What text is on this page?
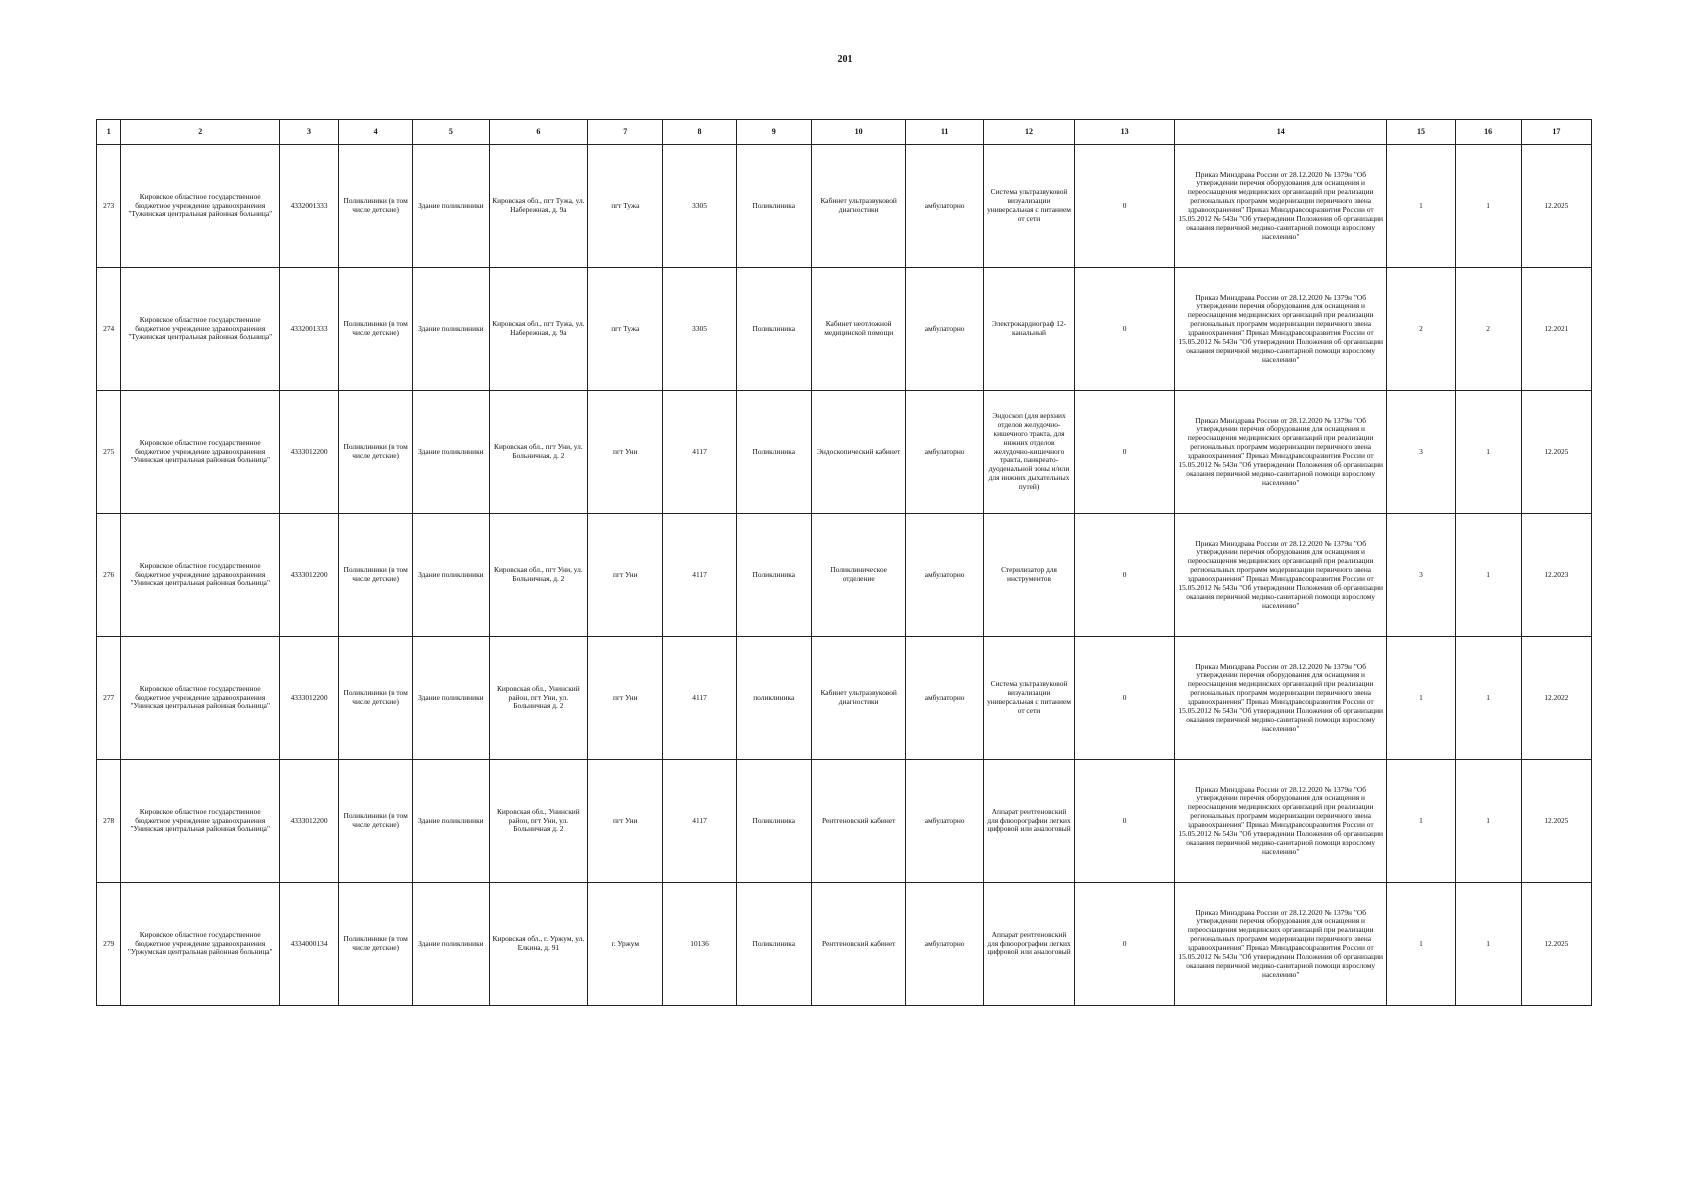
201
1	2	3	4	5	6	7	8	9	10	11	12	13	14	15	16	17
273	Кировское областное государственное бюджетное учреждение здравоохранения "Тужинская центральная районная больница"	4332001333	Поликлиники (в том числе детские)	Здание поликлиники	Кировская обл., пгт Тужа, ул. Набережная, д. 9а	пгт Тужа	3305	Поликлиника	Кабинет ультразвуковой диагностики	амбулаторно	Система ультразвуковой визуализации универсальная с питанием от сети	0	Приказ Минздрава России от 28.12.2020 № 1379н "Об утверждении перечня оборудования для оснащения и переоснащения медицинских организаций при реализации региональных программ модернизации первичного звена здравоохранения" Приказ Минздравсоцразвития России от 15.05.2012 № 543н "Об утверждении Положения об организации оказания первичной медико-санитарной помощи взрослому населению"	1	1	12.2025
274	Кировское областное государственное бюджетное учреждение здравоохранения "Тужинская центральная районная больница"	4332001333	Поликлиники (в том числе детские)	Здание поликлиники	Кировская обл., пгт Тужа, ул. Набережная, д. 9а	пгт Тужа	3305	Поликлиника	Кабинет неотложной медицинской помощи	амбулаторно	Электрокардиограф 12-канальный	0	Приказ Минздрава России от 28.12.2020 № 1379н "Об утверждении перечня оборудования для оснащения и переоснащения медицинских организаций при реализации региональных программ модернизации первичного звена здравоохранения" Приказ Минздравсоцразвития России от 15.05.2012 № 543н "Об утверждении Положения об организации оказания первичной медико-санитарной помощи взрослому населению"	2	2	12.2021
275	Кировское областное государственное бюджетное учреждение здравоохранения "Унинская центральная районная больница"	4333012200	Поликлиники (в том числе детские)	Здание поликлиники	Кировская обл., пгт Уни, ул. Больничная, д. 2	пгт Уни	4117	Поликлиника	Эндоскопический кабинет	амбулаторно	Эндоскоп (для верхних отделов желудочно-кишечного тракта, для нижних отделов желудочно-кишечного тракта, панкреато-дуоденальной зоны и/или для нижних дыхательных путей)	0	Приказ Минздрава России от 28.12.2020 № 1379н "Об утверждении перечня оборудования для оснащения и переоснащения медицинских организаций при реализации региональных программ модернизации первичного звена здравоохранения" Приказ Минздравсоцразвития России от 15.05.2012 № 543н "Об утверждении Положения об организации оказания первичной медико-санитарной помощи взрослому населению"	3	1	12.2025
276	Кировское областное государственное бюджетное учреждение здравоохранения "Унинская центральная районная больница"	4333012200	Поликлиники (в том числе детские)	Здание поликлиники	Кировская обл., пгт Уни, ул. Больничная, д. 2	пгт Уни	4117	Поликлиника	Поликлиническое отделение	амбулаторно	Стерилизатор для инструментов	0	Приказ Минздрава России от 28.12.2020 № 1379н "Об утверждении перечня оборудования для оснащения и переоснащения медицинских организаций при реализации региональных программ модернизации первичного звена здравоохранения" Приказ Минздравсоцразвития России от 15.05.2012 № 543н "Об утверждении Положения об организации оказания первичной медико-санитарной помощи взрослому населению"	3	1	12.2023
277	Кировское областное государственное бюджетное учреждение здравоохранения "Унинская центральная районная больница"	4333012200	Поликлиники (в том числе детские)	Здание поликлиники	Кировская обл., Унинский район, пгт Уни, ул. Больничная д. 2	пгт Уни	4117	поликлиника	Кабинет ультразвуковой диагностики	амбулаторно	Система ультразвуковой визуализации универсальная с питанием от сети	0	Приказ Минздрава России от 28.12.2020 № 1379н "Об утверждении перечня оборудования для оснащения и переоснащения медицинских организаций при реализации региональных программ модернизации первичного звена здравоохранения" Приказ Минздравсоцразвития России от 15.05.2012 № 543н "Об утверждении Положения об организации оказания первичной медико-санитарной помощи взрослому населению"	1	1	12.2022
278	Кировское областное государственное бюджетное учреждение здравоохранения "Унинская центральная районная больница"	4333012200	Поликлиники (в том числе детские)	Здание поликлиники	Кировская обл., Унинский район, пгт Уни, ул. Больничная д. 2	пгт Уни	4117	Поликлиника	Рентгеновский кабинет	амбулаторно	Аппарат рентгеновский для флюорографии легких цифровой или аналоговый	0	Приказ Минздрава России от 28.12.2020 № 1379н "Об утверждении перечня оборудования для оснащения и переоснащения медицинских организаций при реализации региональных программ модернизации первичного звена здравоохранения" Приказ Минздравсоцразвития России от 15.05.2012 № 543н "Об утверждении Положения об организации оказания первичной медико-санитарной помощи взрослому населению"	1	1	12.2025
279	Кировское областное государственное бюджетное учреждение здравоохранения "Уржумская центральная районная больница"	4334000134	Поликлиники (в том числе детские)	Здание поликлиники	Кировская обл., г. Уржум, ул. Елкина, д. 91	г. Уржум	10136	Поликлиника	Рентгеновский кабинет	амбулаторно	Аппарат рентгеновский для флюорографии легких цифровой или аналоговый	0	Приказ Минздрава России от 28.12.2020 № 1379н "Об утверждении перечня оборудования для оснащения и переоснащения медицинских организаций при реализации региональных программ модернизации первичного звена здравоохранения" Приказ Минздравсоцразвития России от 15.05.2012 № 543н "Об утверждении Положения об организации оказания первичной медико-санитарной помощи взрослому населению"	1	1	12.2025
